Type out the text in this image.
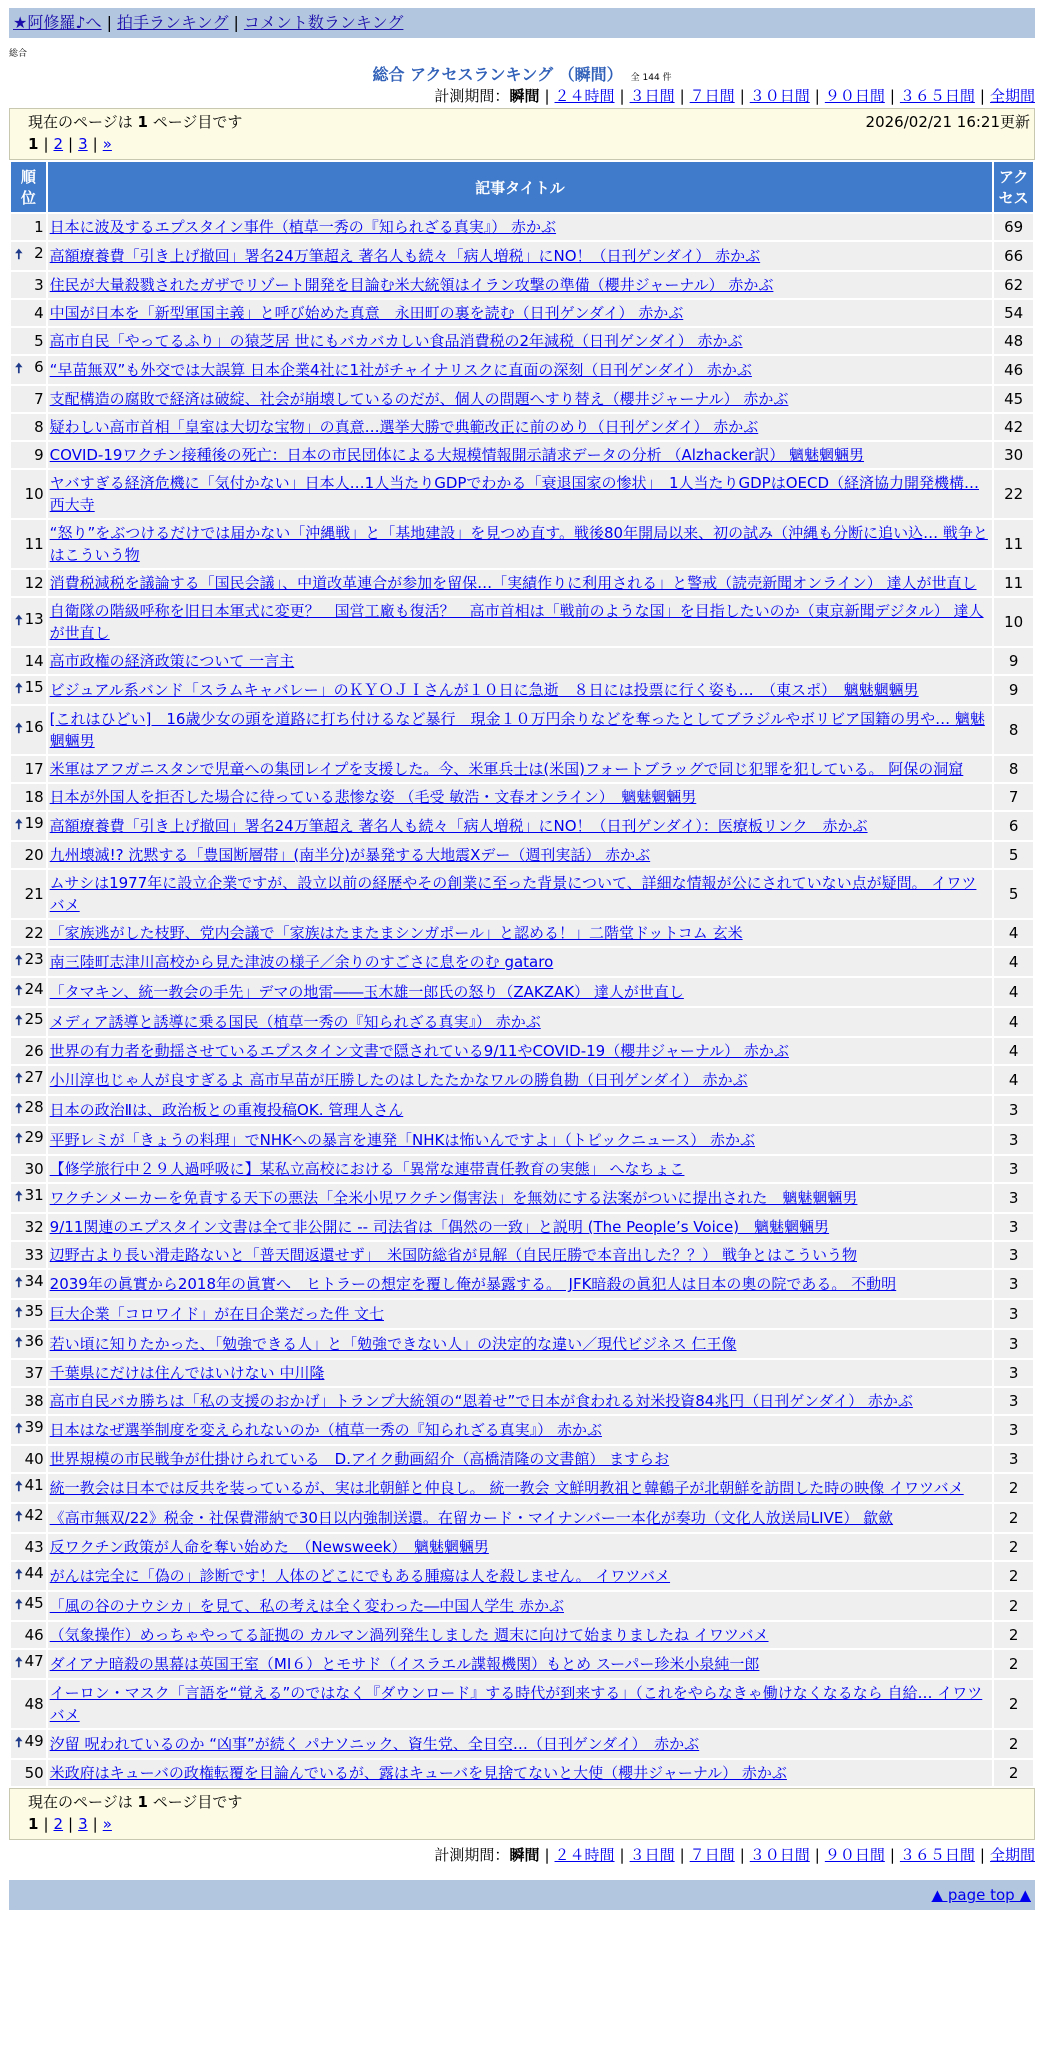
★阿修羅♪へ | 拍手ランキング | コメント数ランキング
総合
総合 アクセスランキング （瞬間） 全 144 件
計測期間：瞬間 | ２４時間 | ３日間 | ７日間 | ３０日間 | ９０日間 | ３６５日間 | 全期間
現在のページは 1 ページ目です	2026/02/21 16:21更新
1 | 2 | 3 | »
順位	記事タイトル	アクセス
1	日本に波及するエプスタイン事件（植草一秀の『知られざる真実』） 赤かぶ	69

🠅 2	高額療養費「引き上げ撤回」署名24万筆超え 著名人も続々「病人増税」にNO！（日刊ゲンダイ） 赤かぶ	66
3	住民が大量殺戮されたガザでリゾート開発を目論む米大統領はイラン攻撃の準備（櫻井ジャーナル） 赤かぶ	62
4	中国が日本を「新型軍国主義」と呼び始めた真意　永田町の裏を読む（日刊ゲンダイ） 赤かぶ	54
5	高市自民「やってるふり」の猿芝居 世にもバカバカしい食品消費税の2年減税（日刊ゲンダイ） 赤かぶ	48

🠅 6	“早苗無双”も外交では大誤算 日本企業4社に1社がチャイナリスクに直面の深刻（日刊ゲンダイ） 赤かぶ	46
7	支配構造の腐敗で経済は破綻、社会が崩壊しているのだが、個人の問題へすり替え（櫻井ジャーナル） 赤かぶ	45
8	疑わしい高市首相「皇室は大切な宝物」の真意…選挙大勝で典範改正に前のめり（日刊ゲンダイ） 赤かぶ	42
9	COVID-19ワクチン接種後の死亡：日本の市民団体による大規模情報開示請求データの分析 （Alzhacker訳） 魑魅魍魎男	30
10	ヤバすぎる経済危機に「気付かない」日本人…1人当たりGDPでわかる「衰退国家の惨状」　1人当たりGDPはOECD（経済協力開発機構… 西大寺	22
11	“怒り”をぶつけるだけでは届かない「沖縄戦」と「基地建設」を見つめ直す。戦後80年開局以来、初の試み（沖縄も分断に追い込… 戦争とはこういう物	11
12	消費税減税を議論する「国民会議」、中道改革連合が参加を留保…「実績作りに利用される」と警戒（読売新聞オンライン） 達人が世直し	11

🠅 13	自衛隊の階級呼称を旧日本軍式に変更？　国営工廠も復活？　高市首相は「戦前のような国」を目指したいのか（東京新聞デジタル） 達人が世直し	10
14	高市政権の経済政策について 一言主	9

🠅 15	ビジュアル系バンド「スラムキャバレー」のＫＹＯＪＩさんが１０日に急逝　８日には投票に行く姿も…　（東スポ）　魑魅魍魎男	9

🠅 16	[これはひどい]　16歳少女の頭を道路に打ち付けるなど暴行　現金１０万円余りなどを奪ったとしてブラジルやボリビア国籍の男や… 魑魅魍魎男	8
17	米軍はアフガニスタンで児童への集団レイプを支援した。今、米軍兵士は(米国)フォートブラッグで同じ犯罪を犯している。 阿保の洞窟	8
18	日本が外国人を拒否した場合に待っている悲惨な姿 （毛受 敏浩・文春オンライン）　魑魅魍魎男	7

🠅 19	高額療養費「引き上げ撤回」署名24万筆超え 著名人も続々「病人増税」にNO！（日刊ゲンダイ）：医療板リンク　赤かぶ	6
20	九州壊滅!? 沈黙する「豊国断層帯」(南半分)が暴発する大地震Xデー（週刊実話） 赤かぶ	5
21	ムサシは1977年に設立企業ですが、設立以前の経歴やその創業に至った背景について、詳細な情報が公にされていない点が疑問。 イワツバメ	5
22	「家族逃がした枝野、党内会議で「家族はたまたまシンガポール」と認める！」二階堂ドットコム 玄米	4

🠅 23	南三陸町志津川高校から見た津波の様子／余りのすごさに息をのむ gataro	4

🠅 24	「タマキン、統一教会の手先」デマの地雷――玉木雄一郎氏の怒り（ZAKZAK） 達人が世直し	4

🠅 25	メディア誘導と誘導に乗る国民（植草一秀の『知られざる真実』） 赤かぶ	4
26	世界の有力者を動揺させているエプスタイン文書で隠されている9/11やCOVID-19（櫻井ジャーナル） 赤かぶ	4

🠅 27	小川淳也じゃ人が良すぎるよ 高市早苗が圧勝したのはしたたかなワルの勝負勘（日刊ゲンダイ） 赤かぶ	4

🠅 28	日本の政治Ⅱは、政治板との重複投稿OK. 管理人さん	3

🠅 29	平野レミが「きょうの料理」でNHKへの暴言を連発「NHKは怖いんですよ」（トピックニュース） 赤かぶ	3
30	【修学旅行中２９人過呼吸に】某私立高校における「異常な連帯責任教育の実態」 へなちょこ	3

🠅 31	ワクチンメーカーを免責する天下の悪法「全米小児ワクチン傷害法」を無効にする法案がついに提出された　魑魅魍魎男	3
32	9/11関連のエプスタイン文書は全て非公開に -- 司法省は「偶然の一致」と説明 (The People’s Voice)　魑魅魍魎男	3
33	辺野古より長い滑走路ないと「普天間返還せず」　米国防総省が見解（自民圧勝で本音出した？？） 戦争とはこういう物	3

🠅 34	2039年の眞實から2018年の眞實へ　ヒトラーの想定を覆し俺が暴露する。　JFK暗殺の眞犯人は日本の奧の院である。 不動明	3

🠅 35	巨大企業「コロワイド」が在日企業だった件 文七	3

🠅 36	若い頃に知りたかった、「勉強できる人」と「勉強できない人」の決定的な違い／現代ビジネス 仁王像	3
37	千葉県にだけは住んではいけない 中川隆	3
38	高市自民バカ勝ちは「私の支援のおかげ」トランプ大統領の“恩着せ”で日本が食われる対米投資84兆円（日刊ゲンダイ） 赤かぶ	3

🠅 39	日本はなぜ選挙制度を変えられないのか（植草一秀の『知られざる真実』） 赤かぶ	3
40	世界規模の市民戦争が仕掛けられている　D.アイク動画紹介（高橋清隆の文書館） ますらお	3

🠅 41	統一教会は日本では反共を装っているが、実は北朝鮮と仲良し。 統一教会 文鮮明教祖と韓鶴子が北朝鮮を訪問した時の映像 イワツバメ	2

🠅 42	《高市無双/22》税金・社保費滞納で30日以内強制送還。在留カード・マイナンバー一本化が奏功（文化人放送局LIVE） 歙歛	2
43	反ワクチン政策が人命を奪い始めた　（Newsweek）　魑魅魍魎男	2

🠅 44	がんは完全に「偽の」診断です！人体のどこにでもある腫瘍は人を殺しません。 イワツバメ	2

🠅 45	「風の谷のナウシカ」を見て、私の考えは全く変わった―中国人学生 赤かぶ	2
46	（気象操作）めっちゃやってる証拠の カルマン渦列発生しました 週末に向けて始まりましたね イワツバメ	2

🠅 47	ダイアナ暗殺の黒幕は英国王室（MI６）とモサド（イスラエル諜報機関）もとめ スーパー珍米小泉純一郎	2
48	イーロン・マスク「言語を“覚える”のではなく『ダウンロード』する時代が到来する」（これをやらなきゃ働けなくなるなら 自給… イワツバメ	2

🠅 49	汐留 呪われているのか “凶事”が続く パナソニック、資生党、全日空…（日刊ゲンダイ）　赤かぶ	2
50	米政府はキューバの政権転覆を目論んでいるが、露はキューバを見捨てないと大使（櫻井ジャーナル） 赤かぶ	2
現在のページは 1 ページ目です
1 | 2 | 3 | »
計測期間：瞬間 | ２４時間 | ３日間 | ７日間 | ３０日間 | ９０日間 | ３６５日間 | 全期間
▲ page top ▲
